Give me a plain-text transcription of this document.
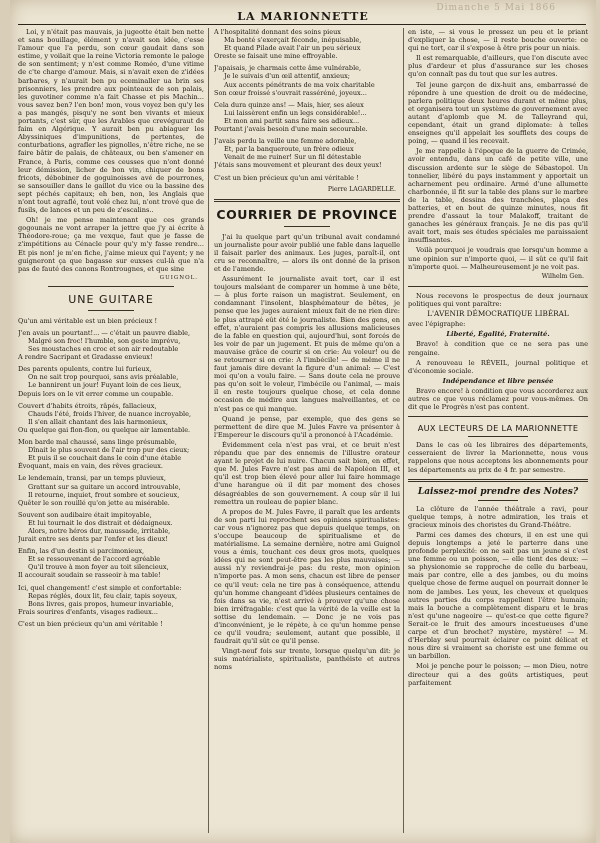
Dimanche 5 Mai 1866
LA MARIONNETTE

Loi, y n'était pas mauvais, ja jugeotte était ben nette et sans bouillage, élément y n'avait son idée, c'esse l'amour que l'a perdu, son cœur gaudait dans son estime, y voilait que la reine Victoria remonte le paloge de son sentiment; y n'est comme Roméo, d'une vitime de c'te charge d'amour. Mais, si n'avait exen de z'idées barbares, y n'aurait ben pu eceminaller ua brin ses prisonniers, les prendre aux pointeaux de son palais, les guvotiner comme n'a fait Chasse et pis Machin... vous savez ben? l'en bon! mon, vous voyez ben qu'y les a pas mangés, pisqu'y ne sont ben vivants et mieux portants, c'est sûr, que les Arables que crevéguraut de faim en Algérique. Y aurait ben pu abiaguer les Abyssiniques d'impunitions, de pertentes, de conturbations, agrafler les pignolles, n'être riche, ne se faire bâtir de palais, de châteaux, ou ben s'amener en France, à Paris, comme ces ceusses que n'ont donné leur démission, licher de bon vin, chiquer de bons fricots, débobiner de goguinoisses avé de pourrones, se sansouiller dans le gaillot du vice ou la bassine des sept péchés capitaux; eh ben, non, les Anglais que n'ont tout agraflé, tout volé chez lui, n'ont trové que de fusils, de lances et un peu de z'escalins..

Oh! je me pense maintenant que ces grands gogounais ne vont arraper la jettre que j'y ai écrite à Théodore-roue; ça me vexque, faut que je fasse de z'impétitions au Cénacle pour qu'y m'y fasse rendre... Et pis non! je m'en fiche, j'aime mieux qui l'ayent; y ne guigneront ça que bagasse sur euxses cul-là que n'a pas de fauté des canons Rontrougnes, et que sine

GUIGNOL.
UNE GUITARE

Qu'un ami véritable est un bien précieux !

J'en avais un pourtant!... — c'était un pauvre diable,

Malgré son froc! l'humble, son geste imprévu,

Ses moustaches en croc et son air redoutable

A rendre Sacripant et Gradasse envieux!

Des parents opulents, contre lui furieux,

On ne sait trop pourquoi, sans avis préalable,

Le bannirent un jour! Fuyant loin de ces lieux,

Depuis lors on le vit errer comme un coupable.

Couvert d'habits étroits, râpés, fallacieux,

Chauds l'été, froids l'hiver, de nuance incroyable,

Il s'en allait chantant des lais harmonieux,

Ou quelque gai flon-flon, ou quelque air lamentable.

Mon barde mal chaussé, sans linge présumable,

Dînait le plus souvent de l'air trop pur des cieux;

Et puis il se couchait dans le coin d'une étable

Évoquant, mais en vain, des rêves gracieux.

Le lendemain, transi, par un temps pluvieux,

Grattant sur sa guitare un accord introuvable,

Il retourne, inquiet, frout sombre et soucieux,

Quêter le son rouillé qu'on jette au misérable.

Souvent son audibaire était impitoyable,

Et lui tournait le dos distrait et dédaigneux.

Alors, notre héros dur, maussade, irritable,

Jurait entre ses dents par l'enfer et les dieux!

Enfin, las d'un destin si parcimonieux,

Et se ressouvenant de l'accord agréable

Qu'il trouve à mon foyer au toit silencieux,

Il accourait soudain se rasseoir à ma table!

Ici, quel changement! c'est simple et confortable:

Repas réglés, doux lit, feu clair, tapis soyeux,

Bons livres, gais propos, humeur invariable,

Frais sourires d'enfants, visages radieux...

C'est un bien précieux qu'un ami véritable !

A l'hospitalité donnant des soins pieux

Ma bonté s'exerçait féconde, inépuisable,

Et quand Pilade avait l'air un peu sérieux

Oreste se faisait une mine effroyable.

J'apaisais, je charmais cette âme vulnérable,

Je le suivais d'un œil attentif, anxieux;

Aux accents pénétrants de ma voix charitable

Son cœur froissé s'ouvrait rasséréné, joyeux...

Cela dura quinze ans! — Mais, hier, ses aïeux

Lui laissèrent enfin un legs considérable!...

Et mon ami partit sans faire ses adieux...

Pourtant j'avais besoin d'une main secourable.

J'avais perdu la veille une femme adorable,

Et, par la banqueroute, un frère odieux

Venait de me ruiner! Sur un fil détestable

J'étais sans mouvement et pleurant des deux yeux!

C'est un bien précieux qu'un ami véritable !

Pierre LAGARDELLE.
COURRIER DE PROVINCE

J'ai lu quelque part qu'un tribunal avait condamné un journaliste pour avoir publié une fable dans laquelle il faisait parler des animaux. Les juges, paraît-il, ont cru se reconnaître, — alors ils ont donné de la prison et de l'amende.

Assurément le journaliste avait tort, car il est toujours malséant de comparer un homme à une bête, — à plus forte raison un magistrat. Seulement, en condamnant l'insolent, blasphémateur de bêtes, je pense que les juges auraient mieux fait de ne rien dire: le plus attrapé eût été le journaliste. Bien des gens, en effet, n'auraient pas compris les allusions malicieuses de la fable en question qui, aujourd'hui, sont forcés de les voir de par un jugement. Et puis de même qu'on a mauvaise grâce de courir si on crie: Au voleur! ou de se retourner si on crie: A l'imbécile! — de même il ne faut jamais dire devant la figure d'un animal: — C'est moi qu'on a voulu faire. — Sans doute cela ne prouve pas qu'on soit le voleur, l'imbécile ou l'animal, — mais il en reste toujours quelque chose, et cela donne occasion de médire aux langues malveillantes, et ce n'est pas ce qui manque.

Quand je pense, par exemple, que des gens se permettent de dire que M. Jules Favre va présenter à l'Empereur le discours qu'il a prononcé à l'Académie.

Évidemment cela n'est pas vrai, et ce bruit n'est répandu que par des ennemis de l'illustre orateur ayant le projet de lui nuire. Chacun sait bien, en effet, que M. Jules Favre n'est pas ami de Napoléon III, et qu'il est trop bien élevé pour aller lui faire hommage d'une harangue où il dit par moment des choses désagréables de son gouvernement. A coup sûr il lui remettra un rouleau de papier blanc.

A propos de M. Jules Favre, il paraît que les ardents de son parti lui reprochent ses opinions spiritualistes: car vous n'ignorez pas que depuis quelque temps, on s'occupe beaucoup de spiritualisme et de matérialisme. La semaine dernière, notre ami Guignol vous a émis, touchant ces deux gros mots, quelques idées qui ne sont peut-être pas les plus mauvaises; — aussi n'y reviendrai-je pas: du reste, mon opinion n'importe pas. A mon sens, chacun est libre de penser ce qu'il veut: cela ne tire pas à conséquence, attendu qu'un homme changeant d'idées plusieurs centaines de fois dans sa vie, n'est arrivé à prouver qu'une chose bien irréfragable: c'est que la vérité de la veille est la sottise du lendemain. — Donc je ne vois pas d'inconvénient, je le répète, à ce qu'un homme pense ce qu'il voudra; seulement, autant que possible, il faudrait qu'il sût ce qu'il pense.

Vingt-neuf fois sur trente, lorsque quelqu'un dit: je suis matérialiste, spiritualiste, panthéiste et autres noms

en iste, — si vous le pressez un peu et le priant d'expliquer la chose, — il reste bouche ouverte: ce qui ne tort, car il s'expose à être pris pour un niais.

Il est remarquable, d'ailleurs, que l'on discute avec plus d'ardeur et plus d'assurance sur les choses qu'on connaît pas du tout que sur les autres.

Tel jeune garçon de dix-huit ans, embarrassé de répondre à une question de droit ou de médecine, parlera politique deux heures durant et même plus, et organisera tout un système de gouvernement avec autant d'aplomb que M. de Talleyrand qui, cependant, était un grand diplomate: à telles enseignes qu'il appelait les soufflets des coups de poing, — quand il les recevait.

Je me rappelle à l'époque de la guerre de Crimée, avoir entendu, dans un café de petite ville, une discussion ardente sur le siège de Sébastopol. Un tonnelier, libéré du pays instamment y apportait un acharnement peu ordinaire. Armé d'une allumette charbonnée, il fit sur la table des plans sur le marbre de la table, dessina des tranchées, plaça des batteries, et en bout de quinze minutes, nous fit prendre d'assaut la tour Malakoff, traitant de ganaches les généraux français. Je ne dis pas qu'il avait tort, mais ses études spéciales me paraissaient insuffisantes.

Voilà pourquoi je voudrais que lorsqu'un homme a une opinion sur n'importe quoi, — il sût ce qu'il fait n'importe quoi. — Malheureusement je ne voit pas.

Wilhelm Gen.

Nous recevons le prospectus de deux journaux politiques qui vont paraître:

L'AVENIR DÉMOCRATIQUE LIBÉRAL

avec l'épigraphe:

Liberté, Égalité, Fraternité.

Bravo! à condition que ce ne sera pas une rengaine.

A renouveau le RÉVEIL, journal politique et d'économie sociale.

Indépendance et libre pensée

Bravo encore! à condition que vous accorderez aux autres ce que vous réclamez pour vous-mêmes. On dit que le Progrès n'est pas content.

AUX LECTEURS DE LA MARIONNETTE

Dans le cas où les libraires des départements, cesseraient de livrer la Marionnette, nous vous rappelons que nous acceptons les abonnements pour les départements au prix de 4 fr. par semestre.

Laissez-moi prendre des Notes?

La clôture de l'année théâtrale a ravi, pour quelque temps, à notre admiration, les trais et gracieux minois des choristes du Grand-Théâtre.

Parmi ces dames des chœurs, il en est une qui depuis longtemps a jeté le parterre dans une profonde perplexité: on ne sait pas un jeune si c'est une femme ou un poisson, — elle tient des deux: — sa physionomie se rapproche de celle du barbeau, mais par contre, elle a des jambes, ou du moins quelque chose de ferme auquel on pourrait donner le nom de jambes. Les yeux, les cheveux et quelques autres parties du corps rappellent l'être humain; mais la bouche a complètement disparu et le bras n'est qu'une nageoire — qu'est-ce que cette figure? Serait-ce le fruit des amours incestueuses d'une carpe et d'un brochet? mystère, mystère! — M. d'Herblay seul pourrait éclairer ce point délicat et nous dire si vraiment sa choriste est une femme ou un barbillon.

Moi je penche pour le poisson; — mon Dieu, notre directeur qui a des goûts artistiques, peut parfaitement
